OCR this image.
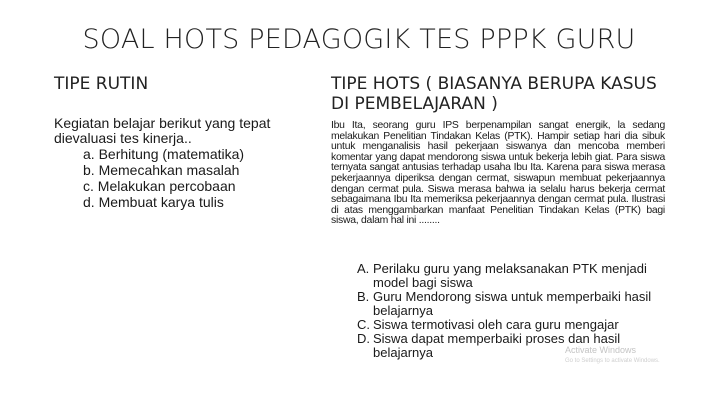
SOAL HOTS PEDAGOGIK TES PPPK GURU
TIPE RUTIN
Kegiatan belajar berikut yang tepat dievaluasi tes kinerja..
a. Berhitung (matematika)
b. Memecahkan masalah
c. Melakukan percobaan
d. Membuat karya tulis
TIPE HOTS ( BIASANYA BERUPA KASUS DI PEMBELAJARAN )
Ibu Ita, seorang guru IPS berpenampilan sangat energik, la sedang melakukan Penelitian Tindakan Kelas (PTK). Hampir setiap hari dia sibuk untuk menganalisis hasil pekerjaan siswanya dan mencoba memberi komentar yang dapat mendorong siswa untuk bekerja lebih giat. Para siswa ternyata sangat antusias terhadap usaha Ibu Ita. Karena para siswa merasa pekerjaannya diperiksa dengan cermat, siswapun membuat pekerjaannya dengan cermat pula. Siswa merasa bahwa ia selalu harus bekerja cermat sebagaimana Ibu Ita memeriksa pekerjaannya dengan cermat pula. Ilustrasi di atas menggambarkan manfaat Penelitian Tindakan Kelas (PTK) bagi siswa, dalam hal ini ........
A. Perilaku guru yang melaksanakan PTK menjadi model bagi siswa
B. Guru Mendorong siswa untuk memperbaiki hasil belajarnya
C. Siswa termotivasi oleh cara guru mengajar
D. Siswa dapat memperbaiki proses dan hasil belajarnya	Activate Windows
Go to Settings to activate Windows.
